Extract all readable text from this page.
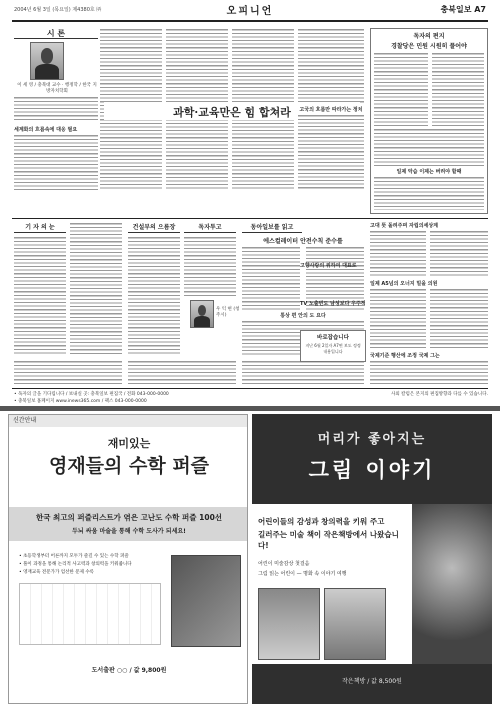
2004년 6월 3일 (목요일) 제4380호 ㈜	오피니언	충북일보 A7
시 론
이 세 영 / 충북대 교수 · 행정학 / 한국 지방자치학회
과학·교육만은 힘 합쳐라
세계화의 흐름속에 대응 필요
독자의 편지
경찰당은 민원 시원히 풀어야
일제 악습 이제는 버려야 할때
고국의 흐름만 따라가는 정치
기 자 의 눈	건설부의 으름장	독자투고
우 익 현 (청주시)
동아일보를 읽고
에스컬레이터 안전수칙 준수를
통상 편 안의 도 요다
고대 뜻 돌려주며 자립의세상계
일제 A5넘의 오너지 밀을 의원
고향사랑의 위하여 대표로
TV 노출빈도 남성보다 우주적
국제기준 행산에 조정 국제 그는
바로잡습니다
지난 6월 2일자 A7면 보도 정정 내용입니다
• 독자의 글을 기다립니다 / 보내실 곳: 충북일보 편집국 / 전화 043-000-0000
• 충북일보 홈페이지 www.inews365.com / 팩스 043-000-0000
사외 칼럼은 본지의 편집방향과 다를 수 있습니다.
신간안내
재미있는
영재들의 수학 퍼즐
한국 최고의 퍼즐리스트가 엮은 고난도 수학 퍼즐 100선
두뇌 싸움 마술을 통해 수학 도사가 되세요!
• 초등학생부터 어른까지 모두가 즐길 수 있는 수학 퍼즐
• 풀이 과정을 통해 논리적 사고력과 창의력을 키워줍니다
• 영재교육 전문가가 엄선한 문제 수록
도서출판 ○○ / 값 9,800원
머리가 좋아지는
그림 이야기
어린이들의 감성과 창의력을 키워 주고
길러주는 미술 책이 작은책방에서 나왔습니다!
어린이 미술감상 첫걸음
그림 읽는 어린이 — 명화 속 이야기 여행
작은책방 / 값 8,500원
